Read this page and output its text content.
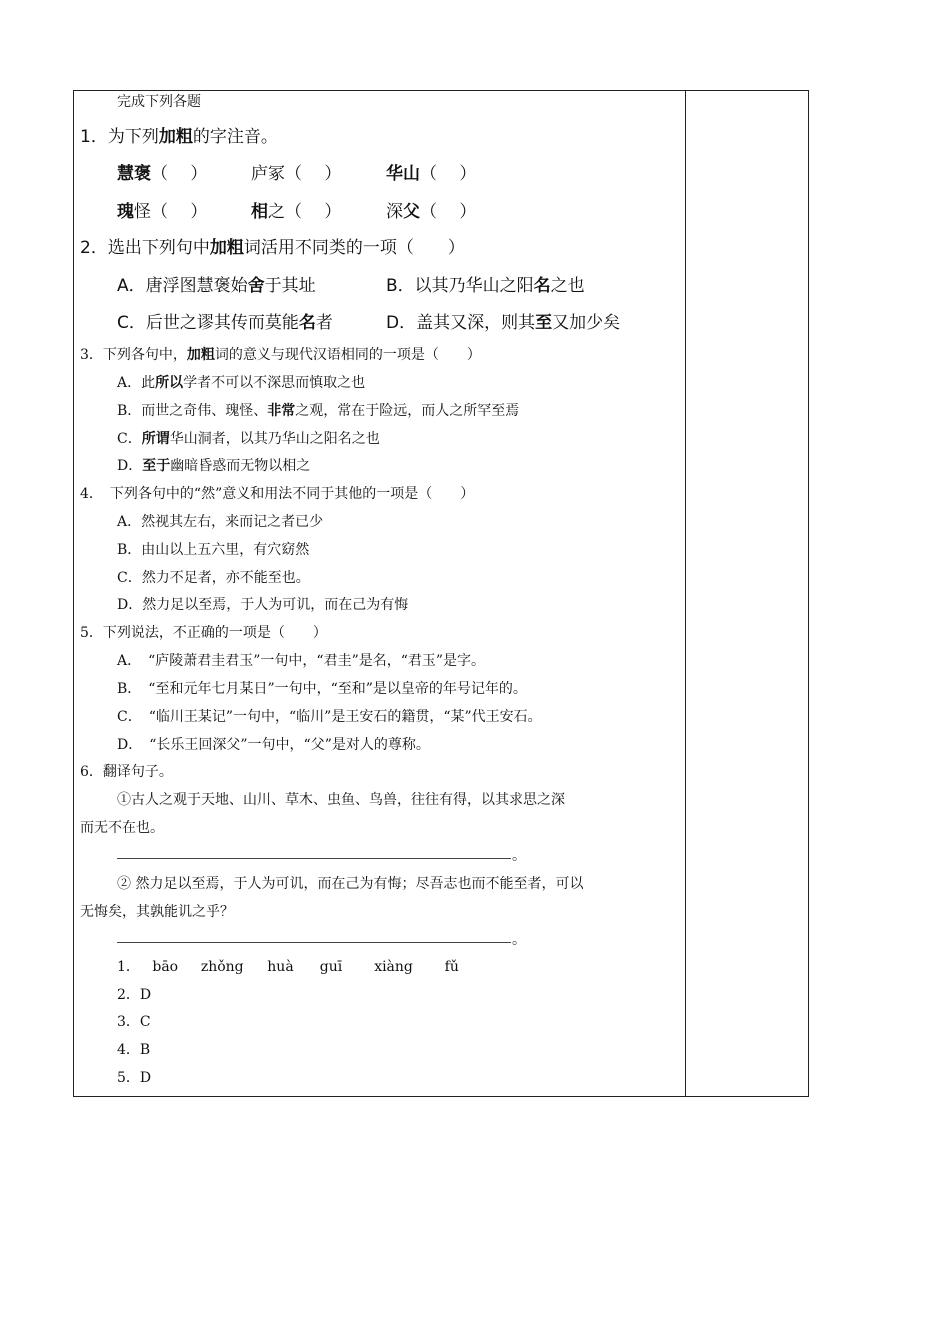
完成下列各题
1．为下列加粗的字注音。
慧褒（　 ）	庐冢（　 ）	华山（　 ）
瑰怪（　 ）	相之（　 ）	深父（　 ）
2．选出下列句中加粗词活用不同类的一项（　　）
A．唐浮图慧褒始舍于其址	B．以其乃华山之阳名之也
C．后世之谬其传而莫能名者	D．盖其又深，则其至又加少矣
3．下列各句中，加粗词的意义与现代汉语相同的一项是（　　）
A．此所以学者不可以不深思而慎取之也
B．而世之奇伟、瑰怪、非常之观，常在于险远，而人之所罕至焉
C．所谓华山洞者，以其乃华山之阳名之也
D．至于幽暗昏惑而无物以相之
4．　下列各句中的“然”意义和用法不同于其他的一项是（　　）
A．然视其左右，来而记之者已少
B．由山以上五六里，有穴窈然
C．然力不足者，亦不能至也。
D．然力足以至焉，于人为可讥，而在己为有悔
5．下列说法，不正确的一项是（　　）
A．　“庐陵萧君圭君玉”一句中，“君圭”是名，“君玉”是字。
B．　“至和元年七月某日”一句中，“至和”是以皇帝的年号记年的。
C．　“临川王某记”一句中，“临川”是王安石的籍贯，“某”代王安石。
D．　“长乐王回深父”一句中，“父”是对人的尊称。
6．翻译句子。
①古人之观于天地、山川、草木、虫鱼、鸟兽，往往有得，以其求思之深
而无不在也。
。
② 然力足以至焉，于人为可讥，而在己为有悔；尽吾志也而不能至者，可以
无悔矣，其孰能讥之乎？
。
1． bāo zhǒng huà guī xiàng fǔ
2．D
3．C
4．B
5．D
